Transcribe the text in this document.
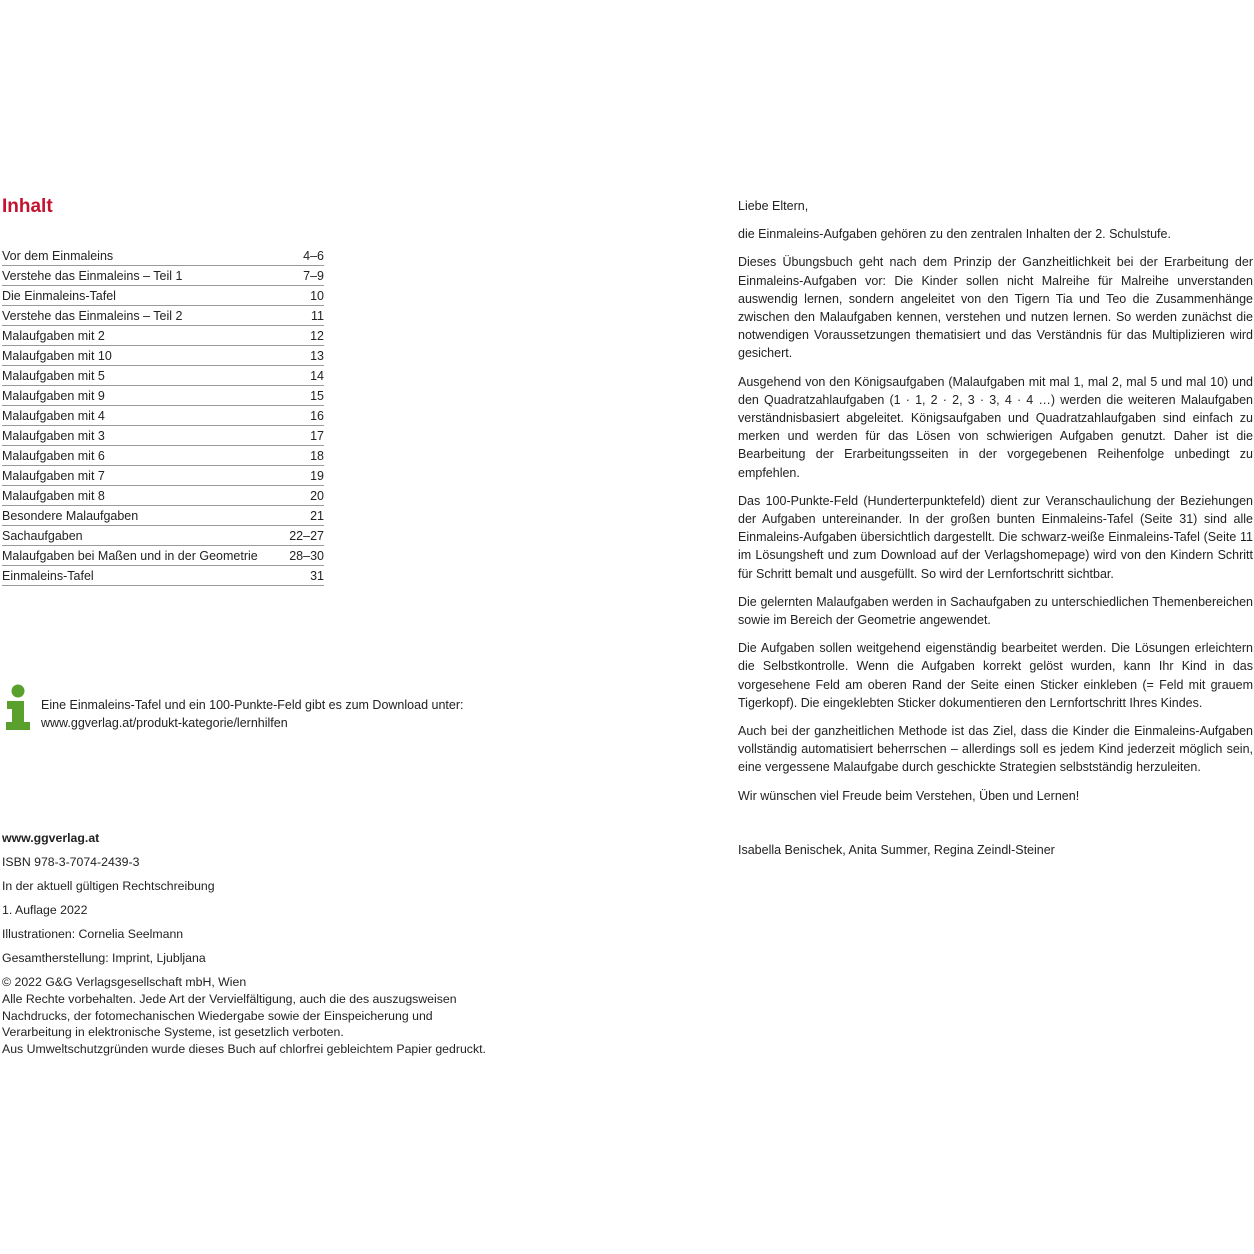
Inhalt
Vor dem Einmaleins	4–6
Verstehe das Einmaleins – Teil 1	7–9
Die Einmaleins-Tafel	10
Verstehe das Einmaleins – Teil 2	11
Malaufgaben mit 2	12
Malaufgaben mit 10	13
Malaufgaben mit 5	14
Malaufgaben mit 9	15
Malaufgaben mit 4	16
Malaufgaben mit 3	17
Malaufgaben mit 6	18
Malaufgaben mit 7	19
Malaufgaben mit 8	20
Besondere Malaufgaben	21
Sachaufgaben	22–27
Malaufgaben bei Maßen und in der Geometrie	28–30
Einmaleins-Tafel	31
Eine Einmaleins-Tafel und ein 100-Punkte-Feld gibt es zum Download unter:
www.ggverlag.at/produkt-kategorie/lernhilfen

www.ggverlag.at

ISBN 978-3-7074-2439-3

In der aktuell gültigen Rechtschreibung

1. Auflage 2022

Illustrationen: Cornelia Seelmann

Gesamtherstellung: Imprint, Ljubljana

© 2022 G&G Verlagsgesellschaft mbH, Wien

Alle Rechte vorbehalten. Jede Art der Vervielfältigung, auch die des auszugsweisen

Nachdrucks, der fotomechanischen Wiedergabe sowie der Einspeicherung und

Verarbeitung in elektronische Systeme, ist gesetzlich verboten.

Aus Umweltschutzgründen wurde dieses Buch auf chlorfrei gebleichtem Papier gedruckt.

Liebe Eltern,

die Einmaleins-Aufgaben gehören zu den zentralen Inhalten der 2. Schulstufe.

Dieses Übungsbuch geht nach dem Prinzip der Ganzheitlichkeit bei der Erarbeitung der Einmaleins-Aufgaben vor: Die Kinder sollen nicht Malreihe für Malreihe unverstanden auswendig lernen, sondern angeleitet von den Tigern Tia und Teo die Zusammenhänge zwischen den Malaufgaben kennen, verstehen und nutzen lernen. So werden zunächst die notwendigen Voraussetzungen thematisiert und das Verständnis für das Multiplizieren wird gesichert.

Ausgehend von den Königsaufgaben (Malaufgaben mit mal 1, mal 2, mal 5 und mal 10) und den Quadratzahlaufgaben (1 · 1, 2 · 2, 3 · 3, 4 · 4 …) werden die weiteren Malaufgaben verständnisbasiert abgeleitet. Königsaufgaben und Quadratzahlaufgaben sind einfach zu merken und werden für das Lösen von schwierigen Aufgaben genutzt. Daher ist die Bearbeitung der Erarbeitungsseiten in der vorgegebenen Reihenfolge unbedingt zu empfehlen.

Das 100-Punkte-Feld (Hunderterpunktefeld) dient zur Veranschaulichung der Beziehungen der Aufgaben untereinander. In der großen bunten Einmaleins-Tafel (Seite 31) sind alle Einmaleins-Aufgaben übersichtlich dargestellt. Die schwarz-weiße Einmaleins-Tafel (Seite 11 im Lösungsheft und zum Download auf der Verlagshomepage) wird von den Kindern Schritt für Schritt bemalt und ausgefüllt. So wird der Lernfortschritt sichtbar.

Die gelernten Malaufgaben werden in Sachaufgaben zu unterschiedlichen Themenbereichen sowie im Bereich der Geometrie angewendet.

Die Aufgaben sollen weitgehend eigenständig bearbeitet werden. Die Lösungen erleichtern die Selbstkontrolle. Wenn die Aufgaben korrekt gelöst wurden, kann Ihr Kind in das vorgesehene Feld am oberen Rand der Seite einen Sticker einkleben (= Feld mit grauem Tigerkopf). Die eingeklebten Sticker dokumentieren den Lernfortschritt Ihres Kindes.

Auch bei der ganzheitlichen Methode ist das Ziel, dass die Kinder die Einmaleins-Aufgaben vollständig automatisiert beherrschen – allerdings soll es jedem Kind jederzeit möglich sein, eine vergessene Malaufgabe durch geschickte Strategien selbstständig herzuleiten.

Wir wünschen viel Freude beim Verstehen, Üben und Lernen!

Isabella Benischek, Anita Summer, Regina Zeindl-Steiner
